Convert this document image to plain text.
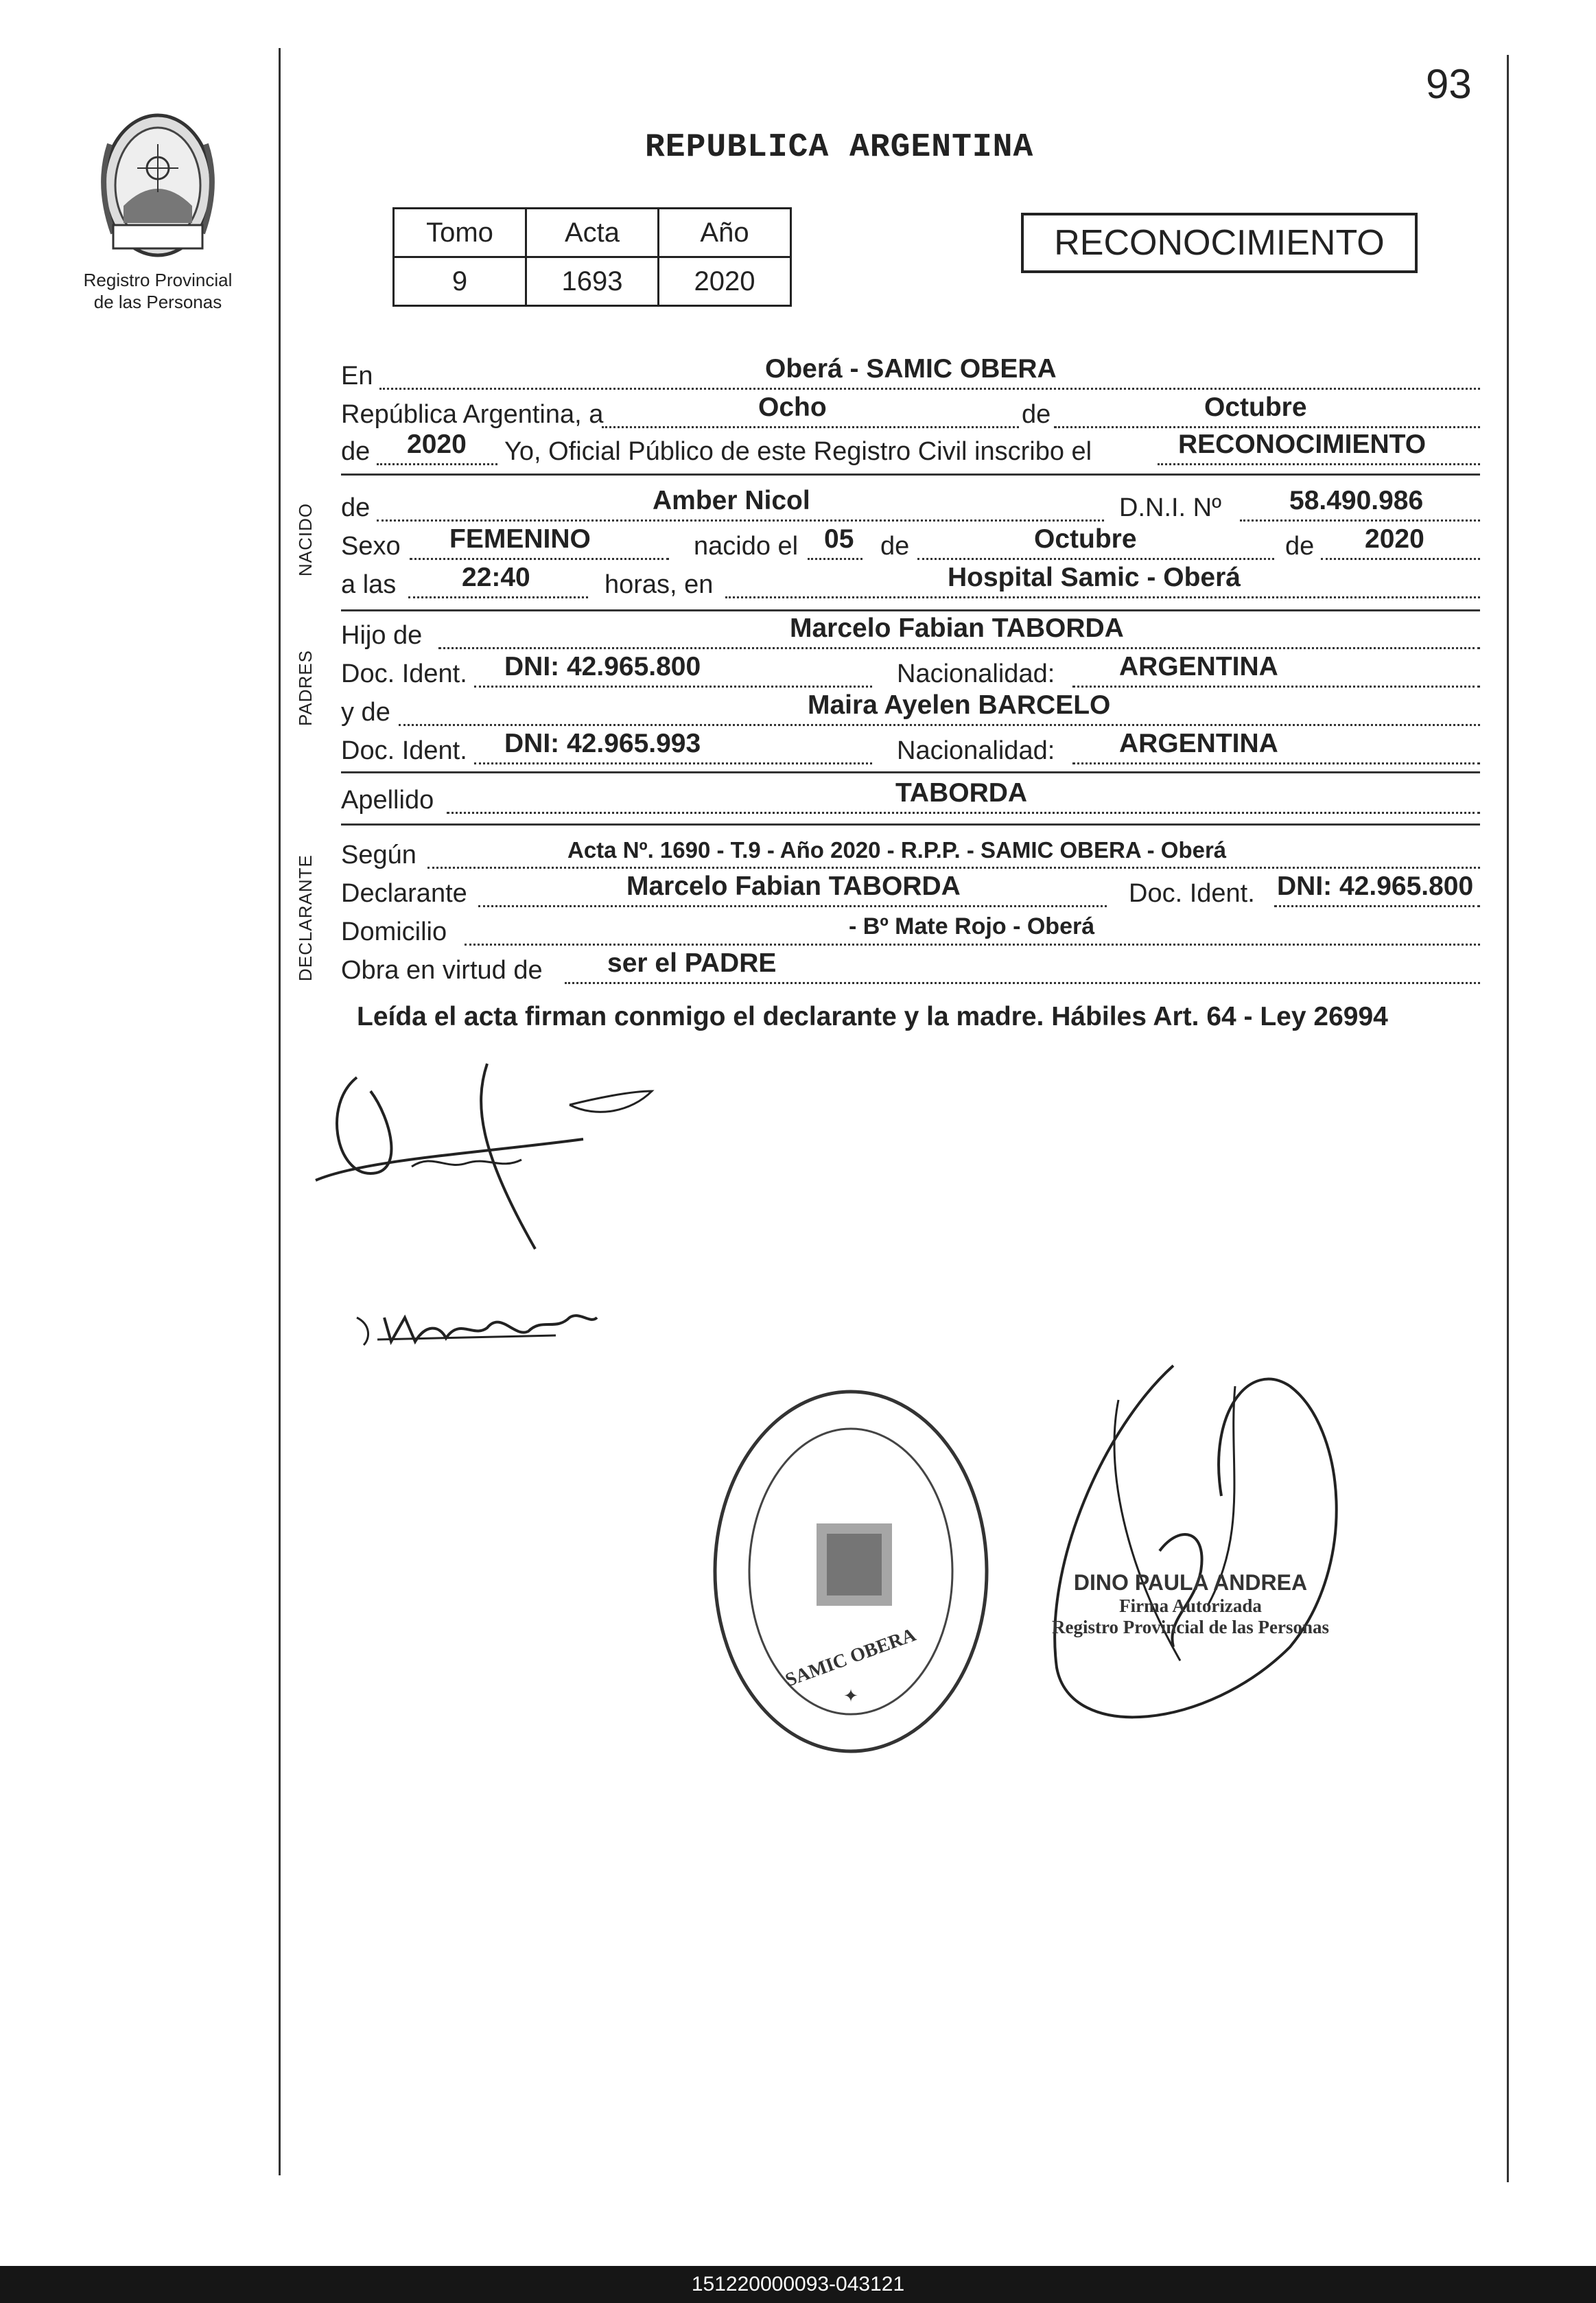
93
Registro Provincial
de las Personas
REPUBLICA ARGENTINA
Tomo	Acta	Año
9	1693	2020
RECONOCIMIENTO
En	Oberá - SAMIC OBERA
República Argentina, a	Ocho	de	Octubre
de 2020 Yo, Oficial Público de este Registro Civil inscribo el	RECONOCIMIENTO
de	Amber Nicol	D.N.I. Nº	58.490.986
Sexo FEMENINO	nacido el 05 de	Octubre	de 2020
a las 22:40	horas, en	Hospital Samic - Oberá
Hijo de	Marcelo Fabian TABORDA
Doc. Ident. DNI: 42.965.800	Nacionalidad: ARGENTINA
y de	Maira Ayelen BARCELO
Doc. Ident. DNI: 42.965.993	Nacionalidad: ARGENTINA
Apellido	TABORDA
Según	Acta Nº. 1690 - T.9 - Año 2020 - R.P.P. - SAMIC OBERA - Oberá
Declarante	Marcelo Fabian TABORDA	Doc. Ident. DNI: 42.965.800
Domicilio	- Bº Mate Rojo - Oberá
Obra en virtud de ser el PADRE
NACIDO
PADRES
DECLARANTE
Leída el acta firman conmigo el declarante y la madre. Hábiles Art. 64 - Ley 26994
✦
SAMIC OBERA
DINO PAULA ANDREA
Firma Autorizada
Registro Provincial de las Personas
151220000093-043121
